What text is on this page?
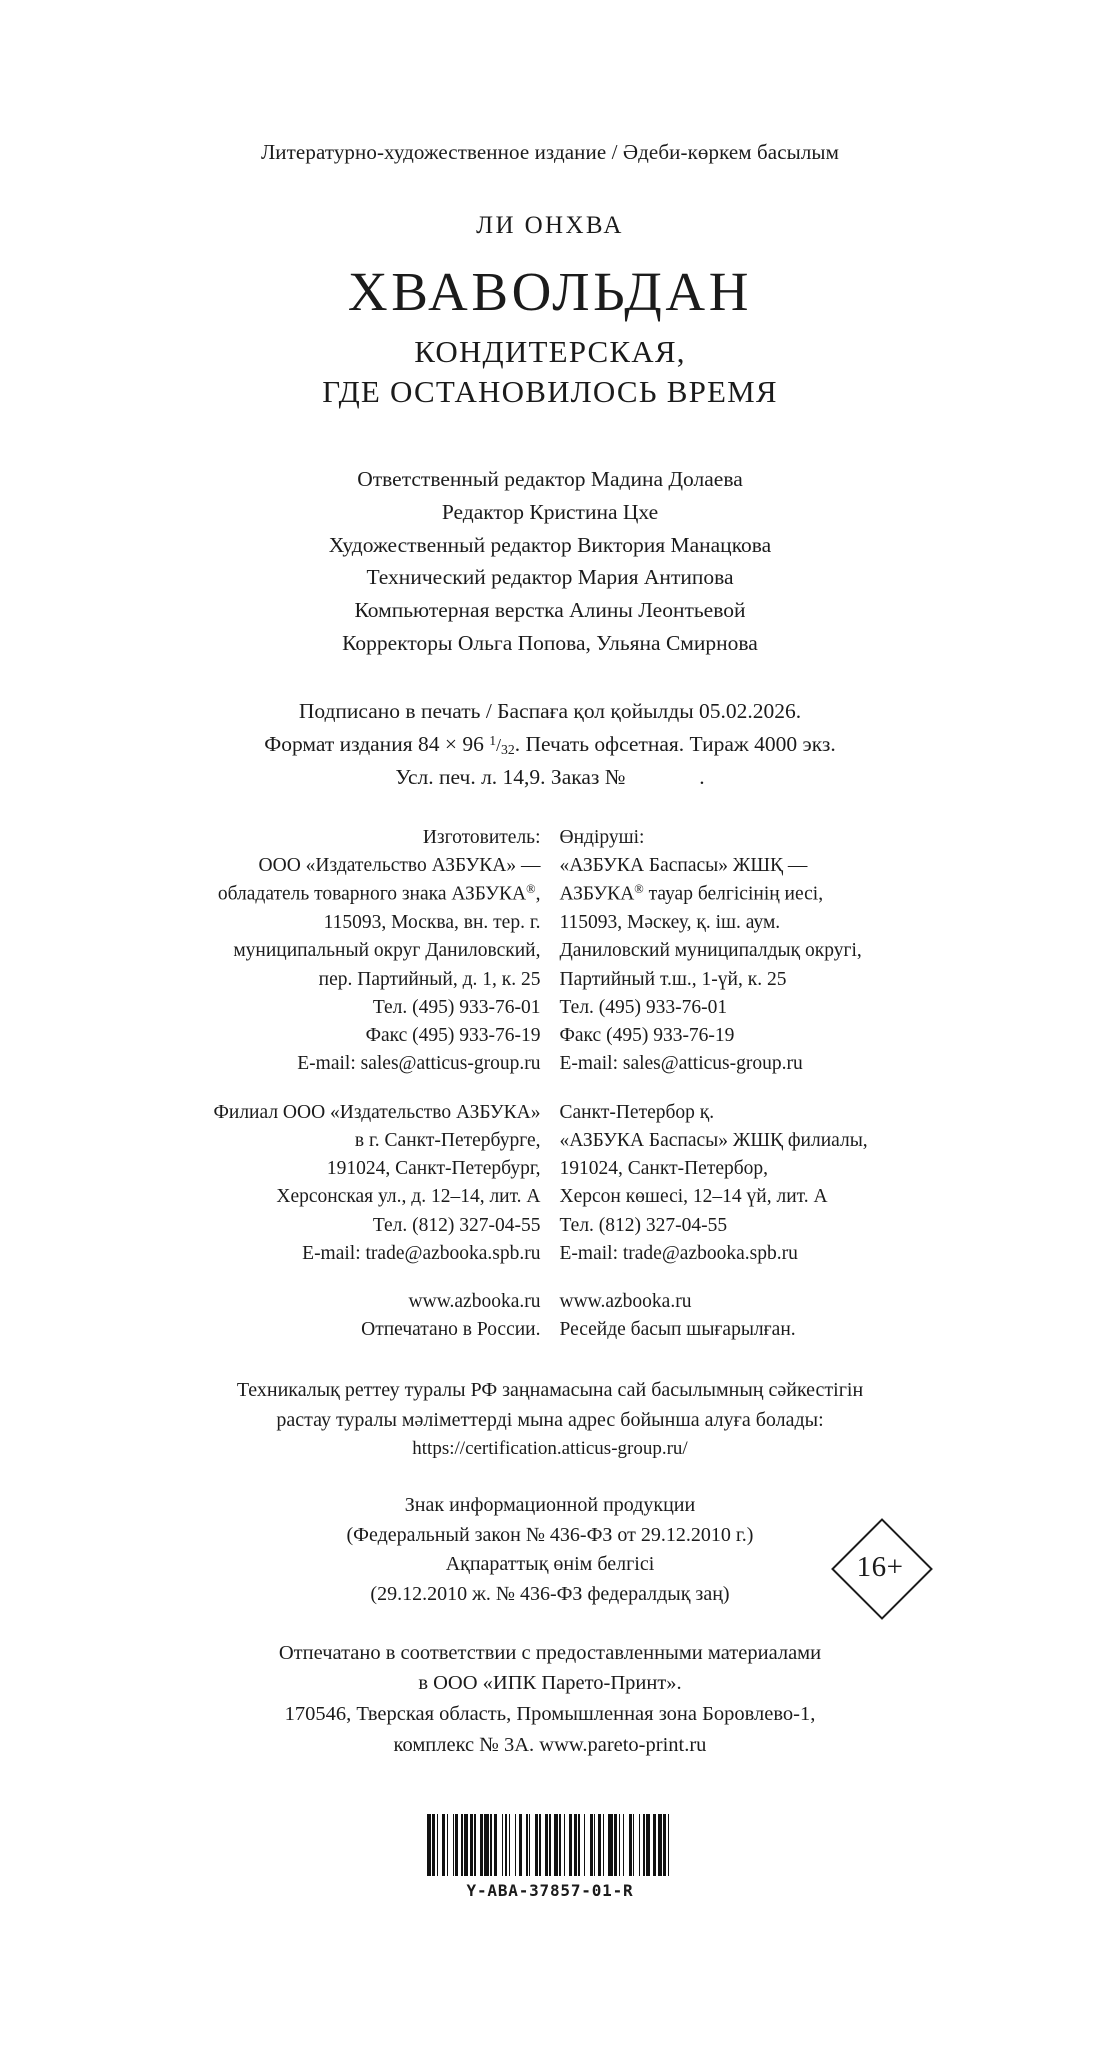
Литературно-художественное издание / Әдеби-көркем басылым
ЛИ ОНХВА
ХВАВОЛЬДАН
КОНДИТЕРСКАЯ,
ГДЕ ОСТАНОВИЛОСЬ ВРЕМЯ
Ответственный редактор Мадина Долаева
Редактор Кристина Цхе
Художественный редактор Виктория Манацкова
Технический редактор Мария Антипова
Компьютерная верстка Алины Леонтьевой
Корректоры Ольга Попова, Ульяна Смирнова
Подписано в печать / Баспаға қол қойылды 05.02.2026.
Формат издания 84 × 96 $^1/_{32}$. Печать офсетная. Тираж 4000 экз.
Усл. печ. л. 14,9. Заказ №	.
Изготовитель:
ООО «Издательство АЗБУКА» —
обладатель товарного знака АЗБУКА®,
115093, Москва, вн. тер. г.
муниципальный округ Даниловский,
пер. Партийный, д. 1, к. 25
Тел. (495) 933-76-01
Факс (495) 933-76-19
E-mail: sales@atticus-group.ru
Филиал ООО «Издательство АЗБУКА»
в г. Санкт-Петербурге,
191024, Санкт-Петербург,
Херсонская ул., д. 12–14, лит. А
Тел. (812) 327-04-55
E-mail: trade@azbooka.spb.ru
www.azbooka.ru
Отпечатано в России.
Өндіруші:
«АЗБУКА Баспасы» ЖШҚ —
АЗБУКА® тауар белгісінің иесі,
115093, Мәскеу, қ. іш. аум.
Даниловский муниципалдық округі,
Партийный т.ш., 1-үй, к. 25
Тел. (495) 933-76-01
Факс (495) 933-76-19
E-mail: sales@atticus-group.ru
Санкт-Петербор қ.
«АЗБУКА Баспасы» ЖШҚ филиалы,
191024, Санкт-Петербор,
Херсон көшесі, 12–14 үй, лит. А
Тел. (812) 327-04-55
E-mail: trade@azbooka.spb.ru
www.azbooka.ru
Ресейде басып шығарылған.
Техникалық реттеу туралы РФ заңнамасына сай басылымның сәйкестігін
растау туралы мәліметтерді мына адрес бойынша алуға болады:
https://certification.atticus-group.ru/
Знак информационной продукции
(Федеральный закон № 436-ФЗ от 29.12.2010 г.)
Ақпараттық өнім белгісі
(29.12.2010 ж. № 436-ФЗ федералдық заң)
16+
Отпечатано в соответствии с предоставленными материалами
в ООО «ИПК Парето-Принт».
170546, Тверская область, Промышленная зона Боровлево-1,
комплекс № 3А. www.pareto-print.ru
Y-ABA-37857-01-R
